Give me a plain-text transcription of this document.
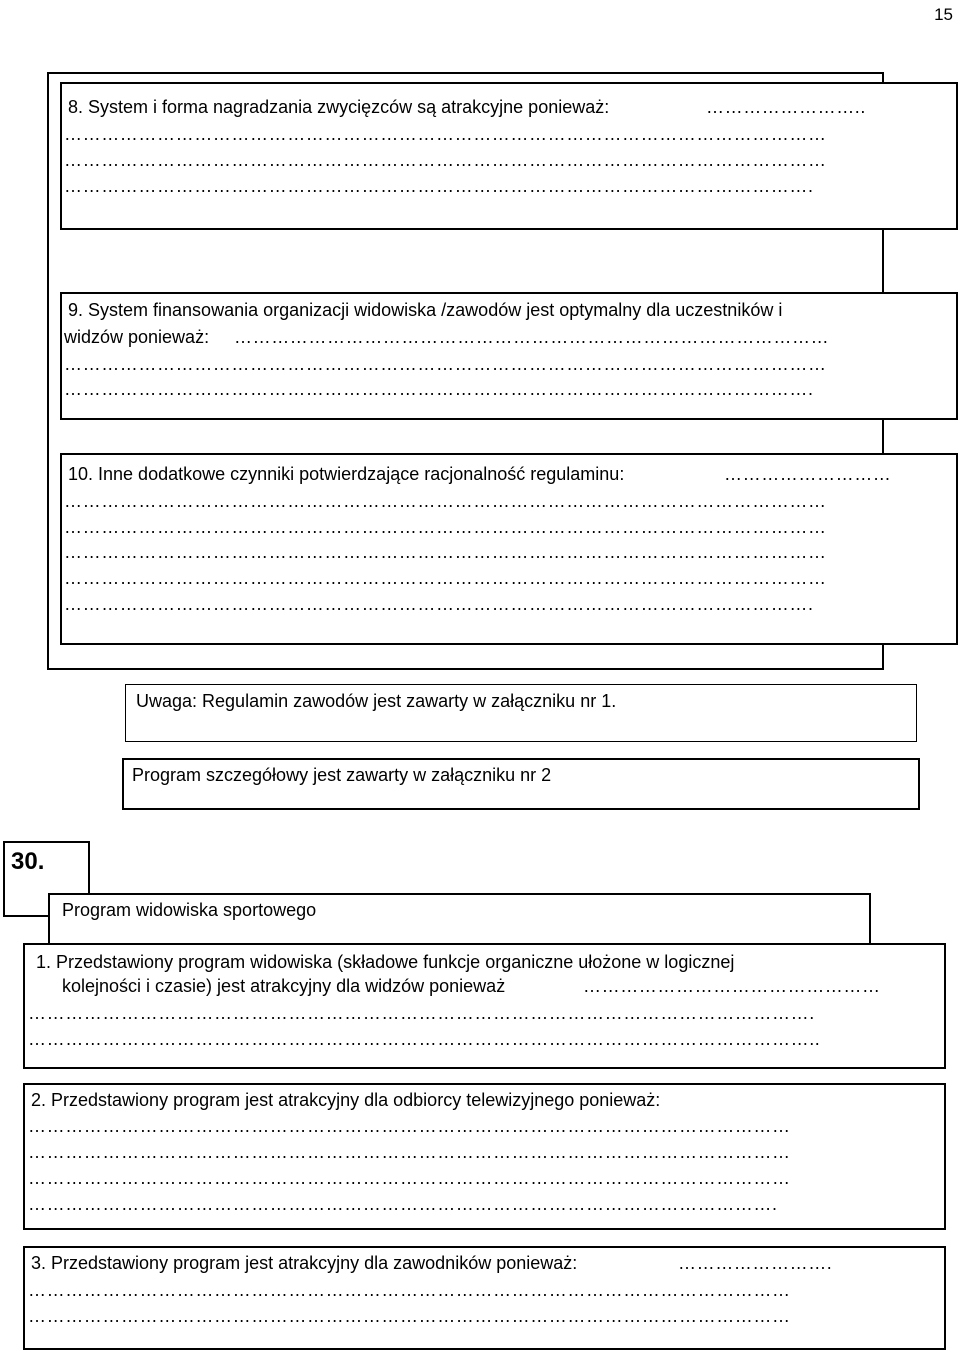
15
8. System i forma nagradzania zwycięzców są atrakcyjne ponieważ:	……………………..
……………………………………………………………………………………………………………
……………………………………………………………………………………………………………
………………………………………………………………………………………………………….
9. System finansowania organizacji widowiska /zawodów jest optymalny dla uczestników i
widzów ponieważ: ……………………………………………………………………………………
……………………………………………………………………………………………………………
………………………………………………………………………………………………………….
10. Inne dodatkowe czynniki potwierdzające racjonalność regulaminu:	………………………
……………………………………………………………………………………………………………
……………………………………………………………………………………………………………
……………………………………………………………………………………………………………
……………………………………………………………………………………………………………
………………………………………………………………………………………………………….
Uwaga: Regulamin zawodów jest zawarty w załączniku nr 1.
Program szczegółowy jest zawarty w załączniku nr 2
30.
Program widowiska sportowego
1. Przedstawiony program widowiska (składowe funkcje organiczne ułożone w logicznej
kolejności i czasie) jest atrakcyjny dla widzów ponieważ	…………………………………………
……………………………………………………………………………………………………………….
………………………………………………………………………………………………………………..
2. Przedstawiony program jest atrakcyjny dla odbiorcy telewizyjnego ponieważ:
……………………………………………………………………………………………………………
……………………………………………………………………………………………………………
……………………………………………………………………………………………………………
………………………………………………………………………………………………………….
3. Przedstawiony program jest atrakcyjny dla zawodników ponieważ:	…………………….
……………………………………………………………………………………………………………
……………………………………………………………………………………………………………
